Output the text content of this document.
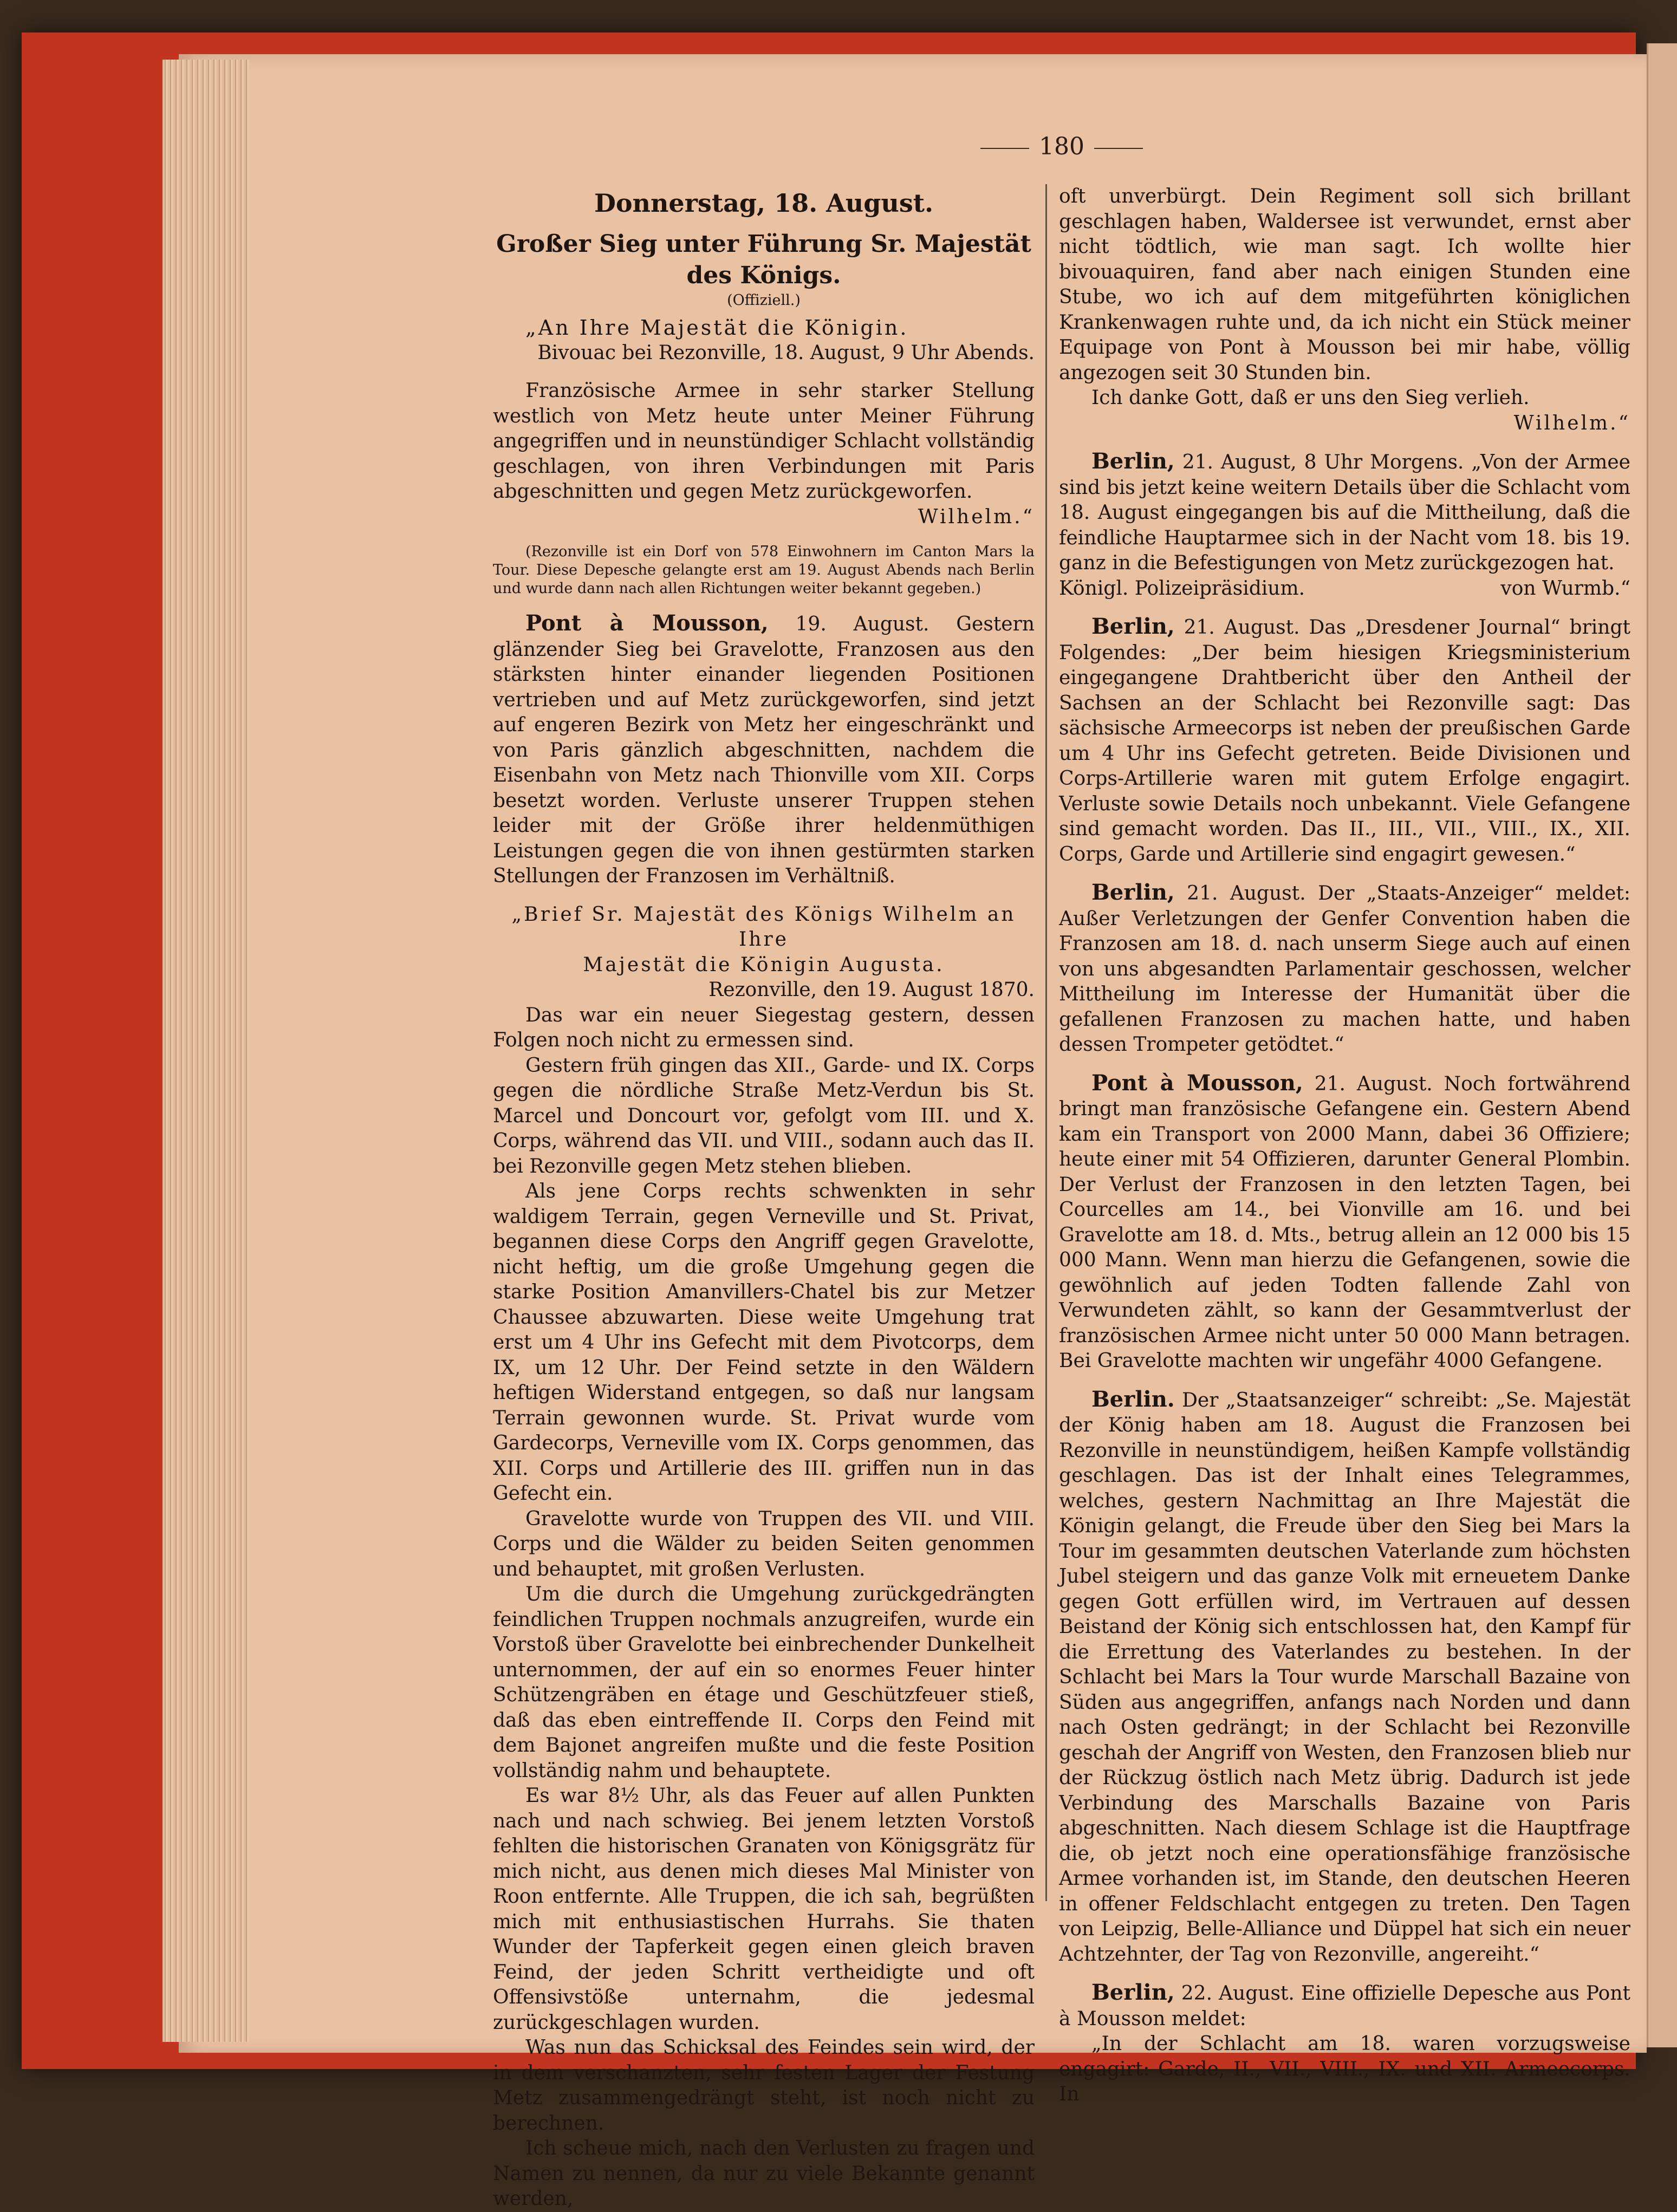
180

Donnerstag, 18. August.

Großer Sieg unter Führung Sr. Majestät

des Königs.

(Offiziell.)

„An Ihre Majestät die Königin.

Bivouac bei Rezonville, 18. August, 9 Uhr Abends.

Französische Armee in sehr starker Stellung westlich von Metz heute unter Meiner Führung angegriffen und in neunstündiger Schlacht vollständig geschlagen, von ihren Verbindungen mit Paris abgeschnitten und gegen Metz zurückgeworfen.

Wilhelm.“

(Rezonville ist ein Dorf von 578 Einwohnern im Canton Mars la Tour. Diese Depesche gelangte erst am 19. August Abends nach Berlin und wurde dann nach allen Richtungen weiter bekannt gegeben.)

Pont à Mousson, 19. August. Gestern glänzender Sieg bei Gravelotte, Franzosen aus den stärksten hinter einander liegenden Positionen vertrieben und auf Metz zurückgeworfen, sind jetzt auf engeren Bezirk von Metz her eingeschränkt und von Paris gänzlich abgeschnitten, nachdem die Eisenbahn von Metz nach Thionville vom XII. Corps besetzt worden. Verluste unserer Truppen stehen leider mit der Größe ihrer heldenmüthigen Leistungen gegen die von ihnen gestürmten starken Stellungen der Franzosen im Verhältniß.

„Brief Sr. Majestät des Königs Wilhelm an Ihre

Majestät die Königin Augusta.

Rezonville, den 19. August 1870.

Das war ein neuer Siegestag gestern, dessen Folgen noch nicht zu ermessen sind.

Gestern früh gingen das XII., Garde- und IX. Corps gegen die nördliche Straße Metz-Verdun bis St. Marcel und Doncourt vor, gefolgt vom III. und X. Corps, während das VII. und VIII., sodann auch das II. bei Rezonville gegen Metz stehen blieben.

Als jene Corps rechts schwenkten in sehr waldigem Terrain, gegen Verneville und St. Privat, begannen diese Corps den Angriff gegen Gravelotte, nicht heftig, um die große Umgehung gegen die starke Position Amanvillers-Chatel bis zur Metzer Chaussee abzuwarten. Diese weite Umgehung trat erst um 4 Uhr ins Gefecht mit dem Pivotcorps, dem IX, um 12 Uhr. Der Feind setzte in den Wäldern heftigen Widerstand entgegen, so daß nur langsam Terrain gewonnen wurde. St. Privat wurde vom Gardecorps, Verneville vom IX. Corps genommen, das XII. Corps und Artillerie des III. griffen nun in das Gefecht ein.

Gravelotte wurde von Truppen des VII. und VIII. Corps und die Wälder zu beiden Seiten genommen und behauptet, mit großen Verlusten.

Um die durch die Umgehung zurückgedrängten feindlichen Truppen nochmals anzugreifen, wurde ein Vorstoß über Gravelotte bei einbrechender Dunkelheit unternommen, der auf ein so enormes Feuer hinter Schützengräben en étage und Geschützfeuer stieß, daß das eben eintreffende II. Corps den Feind mit dem Bajonet angreifen mußte und die feste Position vollständig nahm und behauptete.

Es war 8½ Uhr, als das Feuer auf allen Punkten nach und nach schwieg. Bei jenem letzten Vorstoß fehlten die historischen Granaten von Königsgrätz für mich nicht, aus denen mich dieses Mal Minister von Roon entfernte. Alle Truppen, die ich sah, begrüßten mich mit enthusiastischen Hurrahs. Sie thaten Wunder der Tapferkeit gegen einen gleich braven Feind, der jeden Schritt vertheidigte und oft Offensivstöße unternahm, die jedesmal zurückgeschlagen wurden.

Was nun das Schicksal des Feindes sein wird, der in dem verschanzten, sehr festen Lager der Festung Metz zusammengedrängt steht, ist noch nicht zu berechnen.

Ich scheue mich, nach den Verlusten zu fragen und Namen zu nennen, da nur zu viele Bekannte genannt werden,

oft unverbürgt. Dein Regiment soll sich brillant geschlagen haben, Waldersee ist verwundet, ernst aber nicht tödtlich, wie man sagt. Ich wollte hier bivouaquiren, fand aber nach einigen Stunden eine Stube, wo ich auf dem mitgeführten königlichen Krankenwagen ruhte und, da ich nicht ein Stück meiner Equipage von Pont à Mousson bei mir habe, völlig angezogen seit 30 Stunden bin.

Ich danke Gott, daß er uns den Sieg verlieh.

Wilhelm.“

Berlin, 21. August, 8 Uhr Morgens. „Von der Armee sind bis jetzt keine weitern Details über die Schlacht vom 18. August eingegangen bis auf die Mittheilung, daß die feindliche Hauptarmee sich in der Nacht vom 18. bis 19. ganz in die Befestigungen von Metz zurückgezogen hat.

Königl. Polizeipräsidium.	von Wurmb.“

Berlin, 21. August. Das „Dresdener Journal“ bringt Folgendes: „Der beim hiesigen Kriegsministerium eingegangene Drahtbericht über den Antheil der Sachsen an der Schlacht bei Rezonville sagt: Das sächsische Armeecorps ist neben der preußischen Garde um 4 Uhr ins Gefecht getreten. Beide Divisionen und Corps-Artillerie waren mit gutem Erfolge engagirt. Verluste sowie Details noch unbekannt. Viele Gefangene sind gemacht worden. Das II., III., VII., VIII., IX., XII. Corps, Garde und Artillerie sind engagirt gewesen.“

Berlin, 21. August. Der „Staats-Anzeiger“ meldet: Außer Verletzungen der Genfer Convention haben die Franzosen am 18. d. nach unserm Siege auch auf einen von uns abgesandten Parlamentair geschossen, welcher Mittheilung im Interesse der Humanität über die gefallenen Franzosen zu machen hatte, und haben dessen Trompeter getödtet.“

Pont à Mousson, 21. August. Noch fortwährend bringt man französische Gefangene ein. Gestern Abend kam ein Transport von 2000 Mann, dabei 36 Offiziere; heute einer mit 54 Offizieren, darunter General Plombin. Der Verlust der Franzosen in den letzten Tagen, bei Courcelles am 14., bei Vionville am 16. und bei Gravelotte am 18. d. Mts., betrug allein an 12 000 bis 15 000 Mann. Wenn man hierzu die Gefangenen, sowie die gewöhnlich auf jeden Todten fallende Zahl von Verwundeten zählt, so kann der Gesammtverlust der französischen Armee nicht unter 50 000 Mann betragen. Bei Gravelotte machten wir ungefähr 4000 Gefangene.

Berlin. Der „Staatsanzeiger“ schreibt: „Se. Majestät der König haben am 18. August die Franzosen bei Rezonville in neunstündigem, heißen Kampfe vollständig geschlagen. Das ist der Inhalt eines Telegrammes, welches, gestern Nachmittag an Ihre Majestät die Königin gelangt, die Freude über den Sieg bei Mars la Tour im gesammten deutschen Vaterlande zum höchsten Jubel steigern und das ganze Volk mit erneuetem Danke gegen Gott erfüllen wird, im Vertrauen auf dessen Beistand der König sich entschlossen hat, den Kampf für die Errettung des Vaterlandes zu bestehen. In der Schlacht bei Mars la Tour wurde Marschall Bazaine von Süden aus angegriffen, anfangs nach Norden und dann nach Osten gedrängt; in der Schlacht bei Rezonville geschah der Angriff von Westen, den Franzosen blieb nur der Rückzug östlich nach Metz übrig. Dadurch ist jede Verbindung des Marschalls Bazaine von Paris abgeschnitten. Nach diesem Schlage ist die Hauptfrage die, ob jetzt noch eine operationsfähige französische Armee vorhanden ist, im Stande, den deutschen Heeren in offener Feldschlacht entgegen zu treten. Den Tagen von Leipzig, Belle-Alliance und Düppel hat sich ein neuer Achtzehnter, der Tag von Rezonville, angereiht.“

Berlin, 22. August. Eine offizielle Depesche aus Pont à Mousson meldet:

„In der Schlacht am 18. waren vorzugsweise engagirt: Garde, II., VII., VIII., IX. und XII. Armeecorps. In
